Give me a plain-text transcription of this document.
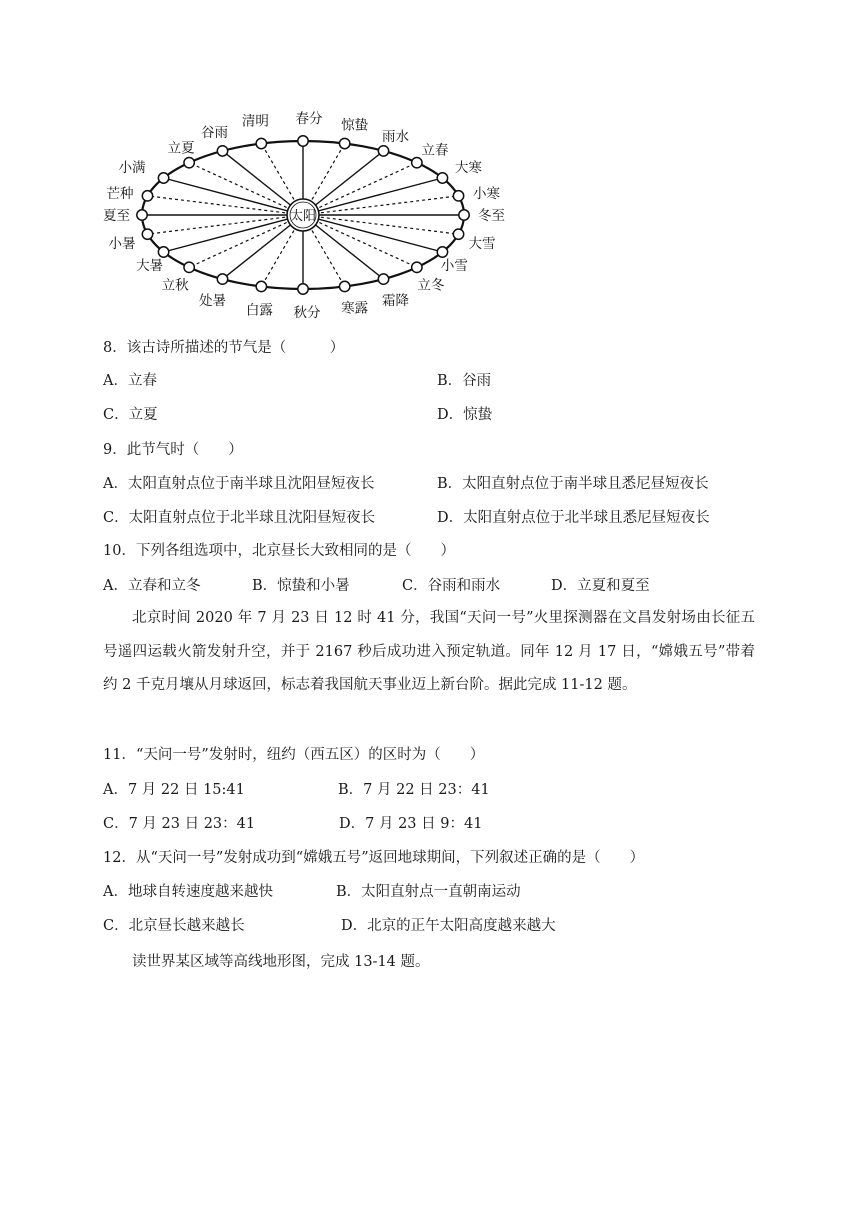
太阳
春分 惊蛰
雨水
立春
大寒
小寒
冬至
大雪
小雪
立冬
霜降
寒露
秋分
白露
处暑
立秋
大暑
小暑
夏至
芒种
小满
立夏
谷雨
清明
8．该古诗所描述的节气是（　　　）
A．立春	B．谷雨
C．立夏	D．惊蛰
9．此节气时（　　）
A．太阳直射点位于南半球且沈阳昼短夜长	B．太阳直射点位于南半球且悉尼昼短夜长
C．太阳直射点位于北半球且沈阳昼短夜长	D．太阳直射点位于北半球且悉尼昼短夜长
10．下列各组选项中，北京昼长大致相同的是（　　）
A．立春和立冬	B．惊蛰和小暑	C．谷雨和雨水	D．立夏和夏至

北京时间 2020 年 7 月 23 日 12 时 41 分，我国“天问一号”火里探测器在文昌发射场由长征五号遥四运载火箭发射升空，并于 2167 秒后成功进入预定轨道。同年 12 月 17 日，“嫦娥五号”带着约 2 千克月壤从月球返回，标志着我国航天事业迈上新台阶。据此完成 11-12 题。

11．“天问一号”发射时，纽约（西五区）的区时为（　　）
A．7 月 22 日 15:41	B．7 月 22 日 23：41
C．7 月 23 日 23：41	D．7 月 23 日 9：41
12．从“天问一号”发射成功到“嫦娥五号”返回地球期间，下列叙述正确的是（　　）
A．地球自转速度越来越快	B．太阳直射点一直朝南运动
C．北京昼长越来越长	D．北京的正午太阳高度越来越大
读世界某区域等高线地形图，完成 13-14 题。
